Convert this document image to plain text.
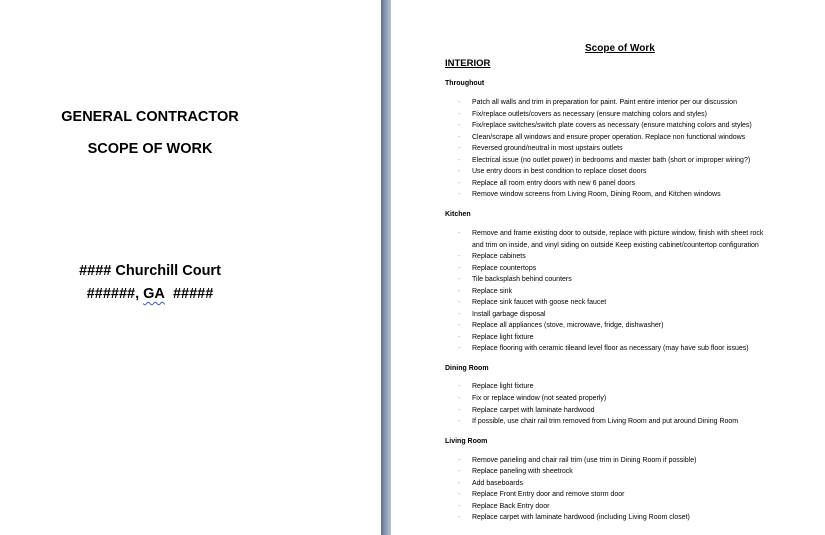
GENERAL CONTRACTOR
SCOPE OF WORK
#### Churchill Court
######, GA #####
Scope of Work
INTERIOR
Throughout
- Patch all walls and trim in preparation for paint. Paint entire interior per our discussion
- Fix/replace outlets/covers as necessary (ensure matching colors and styles)
- Fix/replace switches/switch plate covers as necessary (ensure matching colors and styles)
- Clean/scrape all windows and ensure proper operation. Replace non functional windows
- Reversed ground/neutral in most upstairs outlets
- Electrical issue (no outlet power) in bedrooms and master bath (short or improper wiring?)
- Use entry doors in best condition to replace closet doors
- Replace all room entry doors with new 6 panel doors
- Remove window screens from Living Room, Dining Room, and Kitchen windows
Kitchen
- Remove and frame existing door to outside, replace with picture window, finish with sheet rock
and trim on inside, and vinyl siding on outside Keep existing cabinet/countertop configuration
- Replace cabinets
- Replace countertops
- Tile backsplash behind counters
- Replace sink
- Replace sink faucet with goose neck faucet
- Install garbage disposal
- Replace all appliances (stove, microwave, fridge, dishwasher)
- Replace light fixture
- Replace flooring with ceramic tileand level floor as necessary (may have sub floor issues)
Dining Room
- Replace light fixture
- Fix or replace window (not seated properly)
- Replace carpet with laminate hardwood
- If possible, use chair rail trim removed from Living Room and put around Dining Room
Living Room
- Remove paneling and chair rail trim (use trim in Dining Room if possible)
- Replace paneling with sheetrock
- Add baseboards
- Replace Front Entry door and remove storm door
- Replace Back Entry door
- Replace carpet with laminate hardwood (including Living Room closet)
